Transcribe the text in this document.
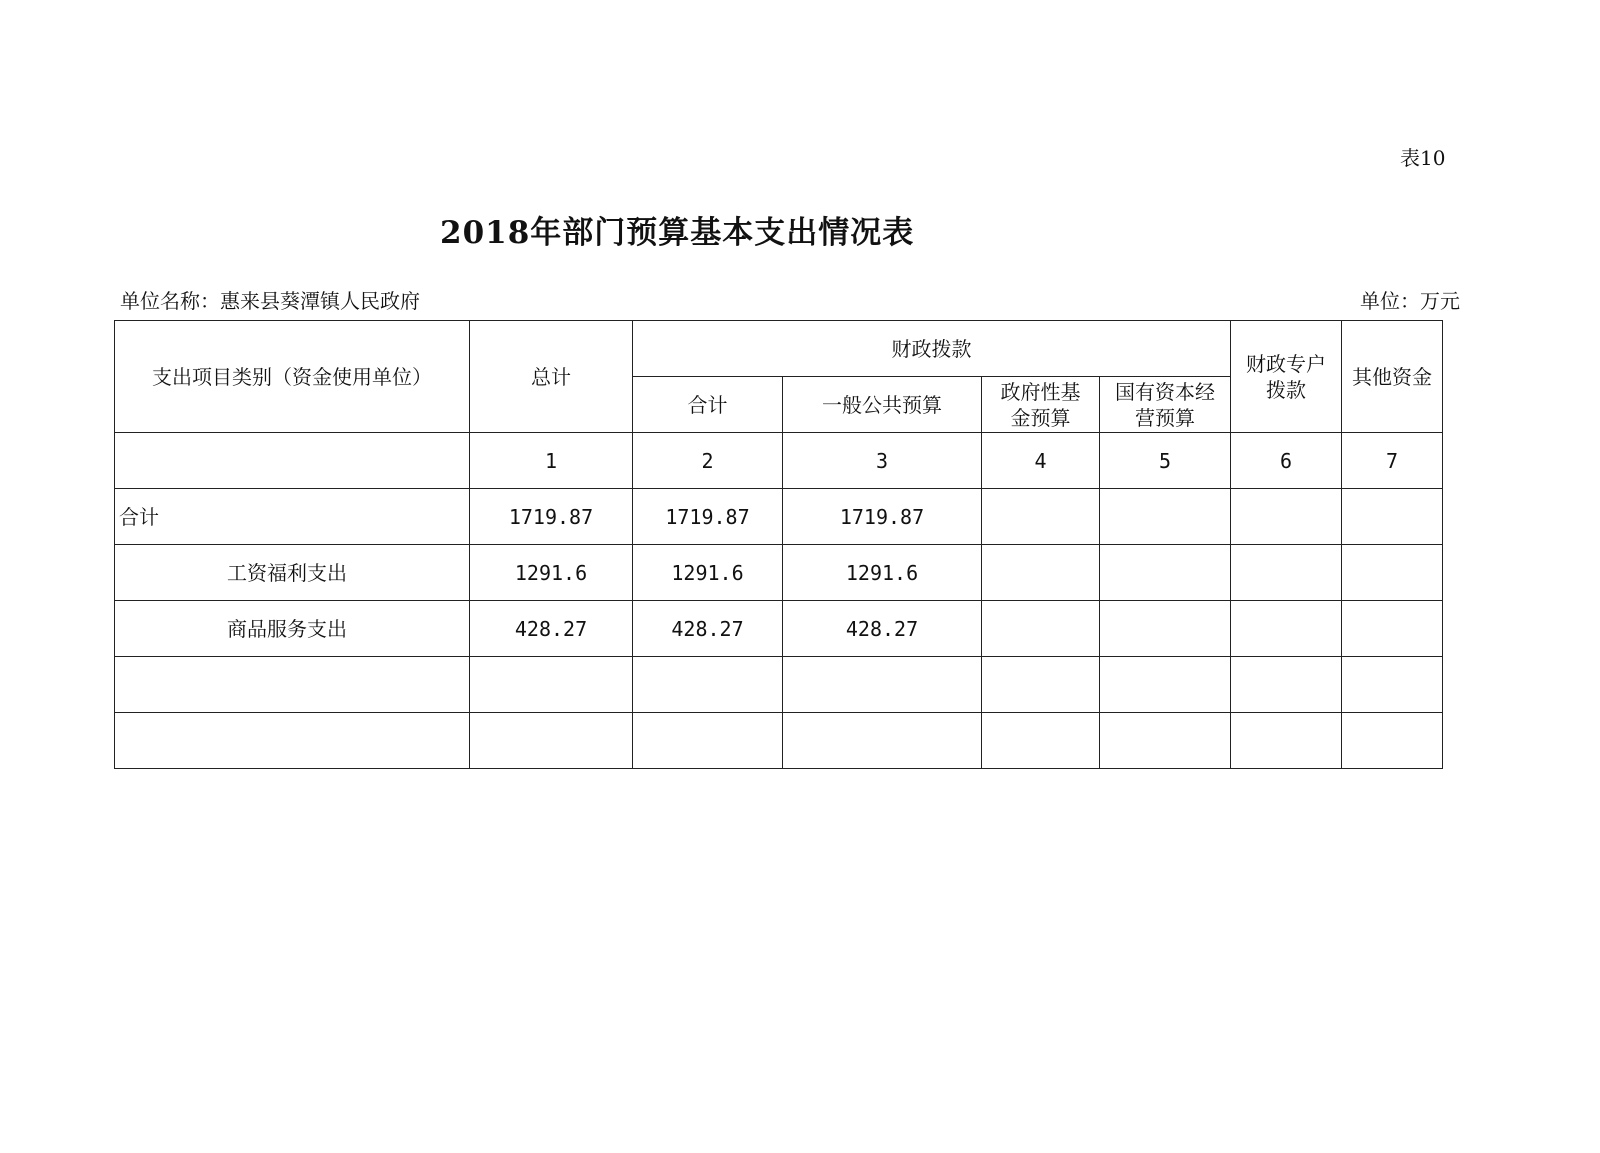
表10
2018年部门预算基本支出情况表
单位名称：惠来县葵潭镇人民政府	单位：万元
支出项目类别（资金使用单位）	总计	财政拨款				财政专户拨款	其他资金
		合计	一般公共预算	政府性基金预算	国有资本经营预算		
	1	2	3	4	5	6	7
合计	1719.87	1719.87	1719.87				
工资福利支出	1291.6	1291.6	1291.6				
商品服务支出	428.27	428.27	428.27				
